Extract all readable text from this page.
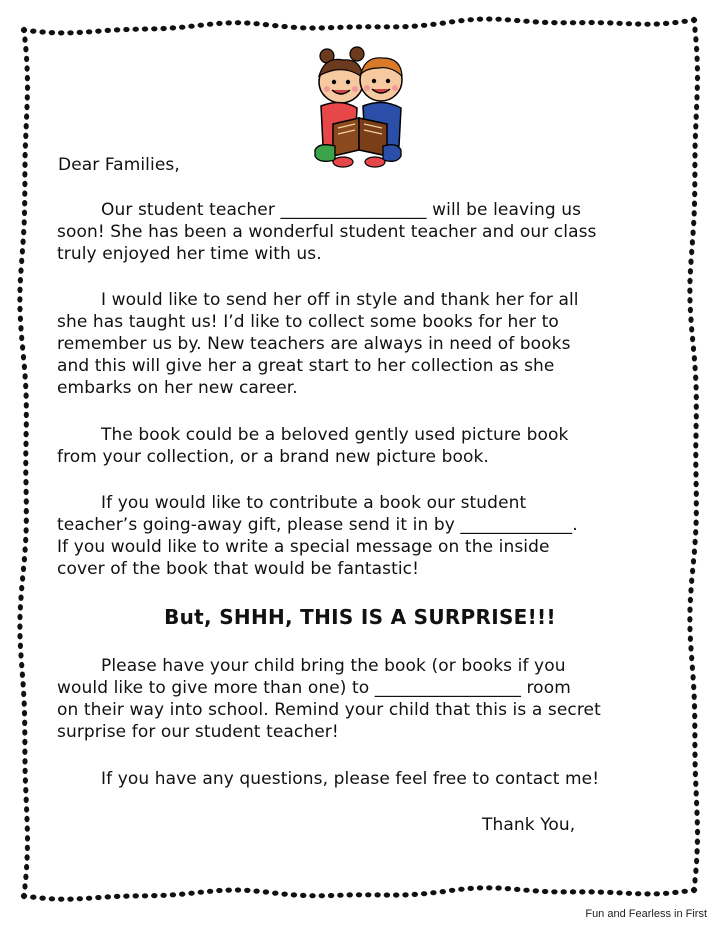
Dear Families,
Our student teacher _________________ will be leaving us
soon! She has been a wonderful student teacher and our class
truly enjoyed her time with us.
I would like to send her off in style and thank her for all
she has taught us! I’d like to collect some books for her to
remember us by. New teachers are always in need of books
and this will give her a great start to her collection as she
embarks on her new career.
The book could be a beloved gently used picture book
from your collection, or a brand new picture book.
If you would like to contribute a book our student
teacher’s going-away gift, please send it in by _____________.
If you would like to write a special message on the inside
cover of the book that would be fantastic!
But, SHHH, THIS IS A SURPRISE!!!
Please have your child bring the book (or books if you
would like to give more than one) to _________________ room
on their way into school. Remind your child that this is a secret
surprise for our student teacher!
If you have any questions, please feel free to contact me!
Thank You,
Fun and Fearless in First
